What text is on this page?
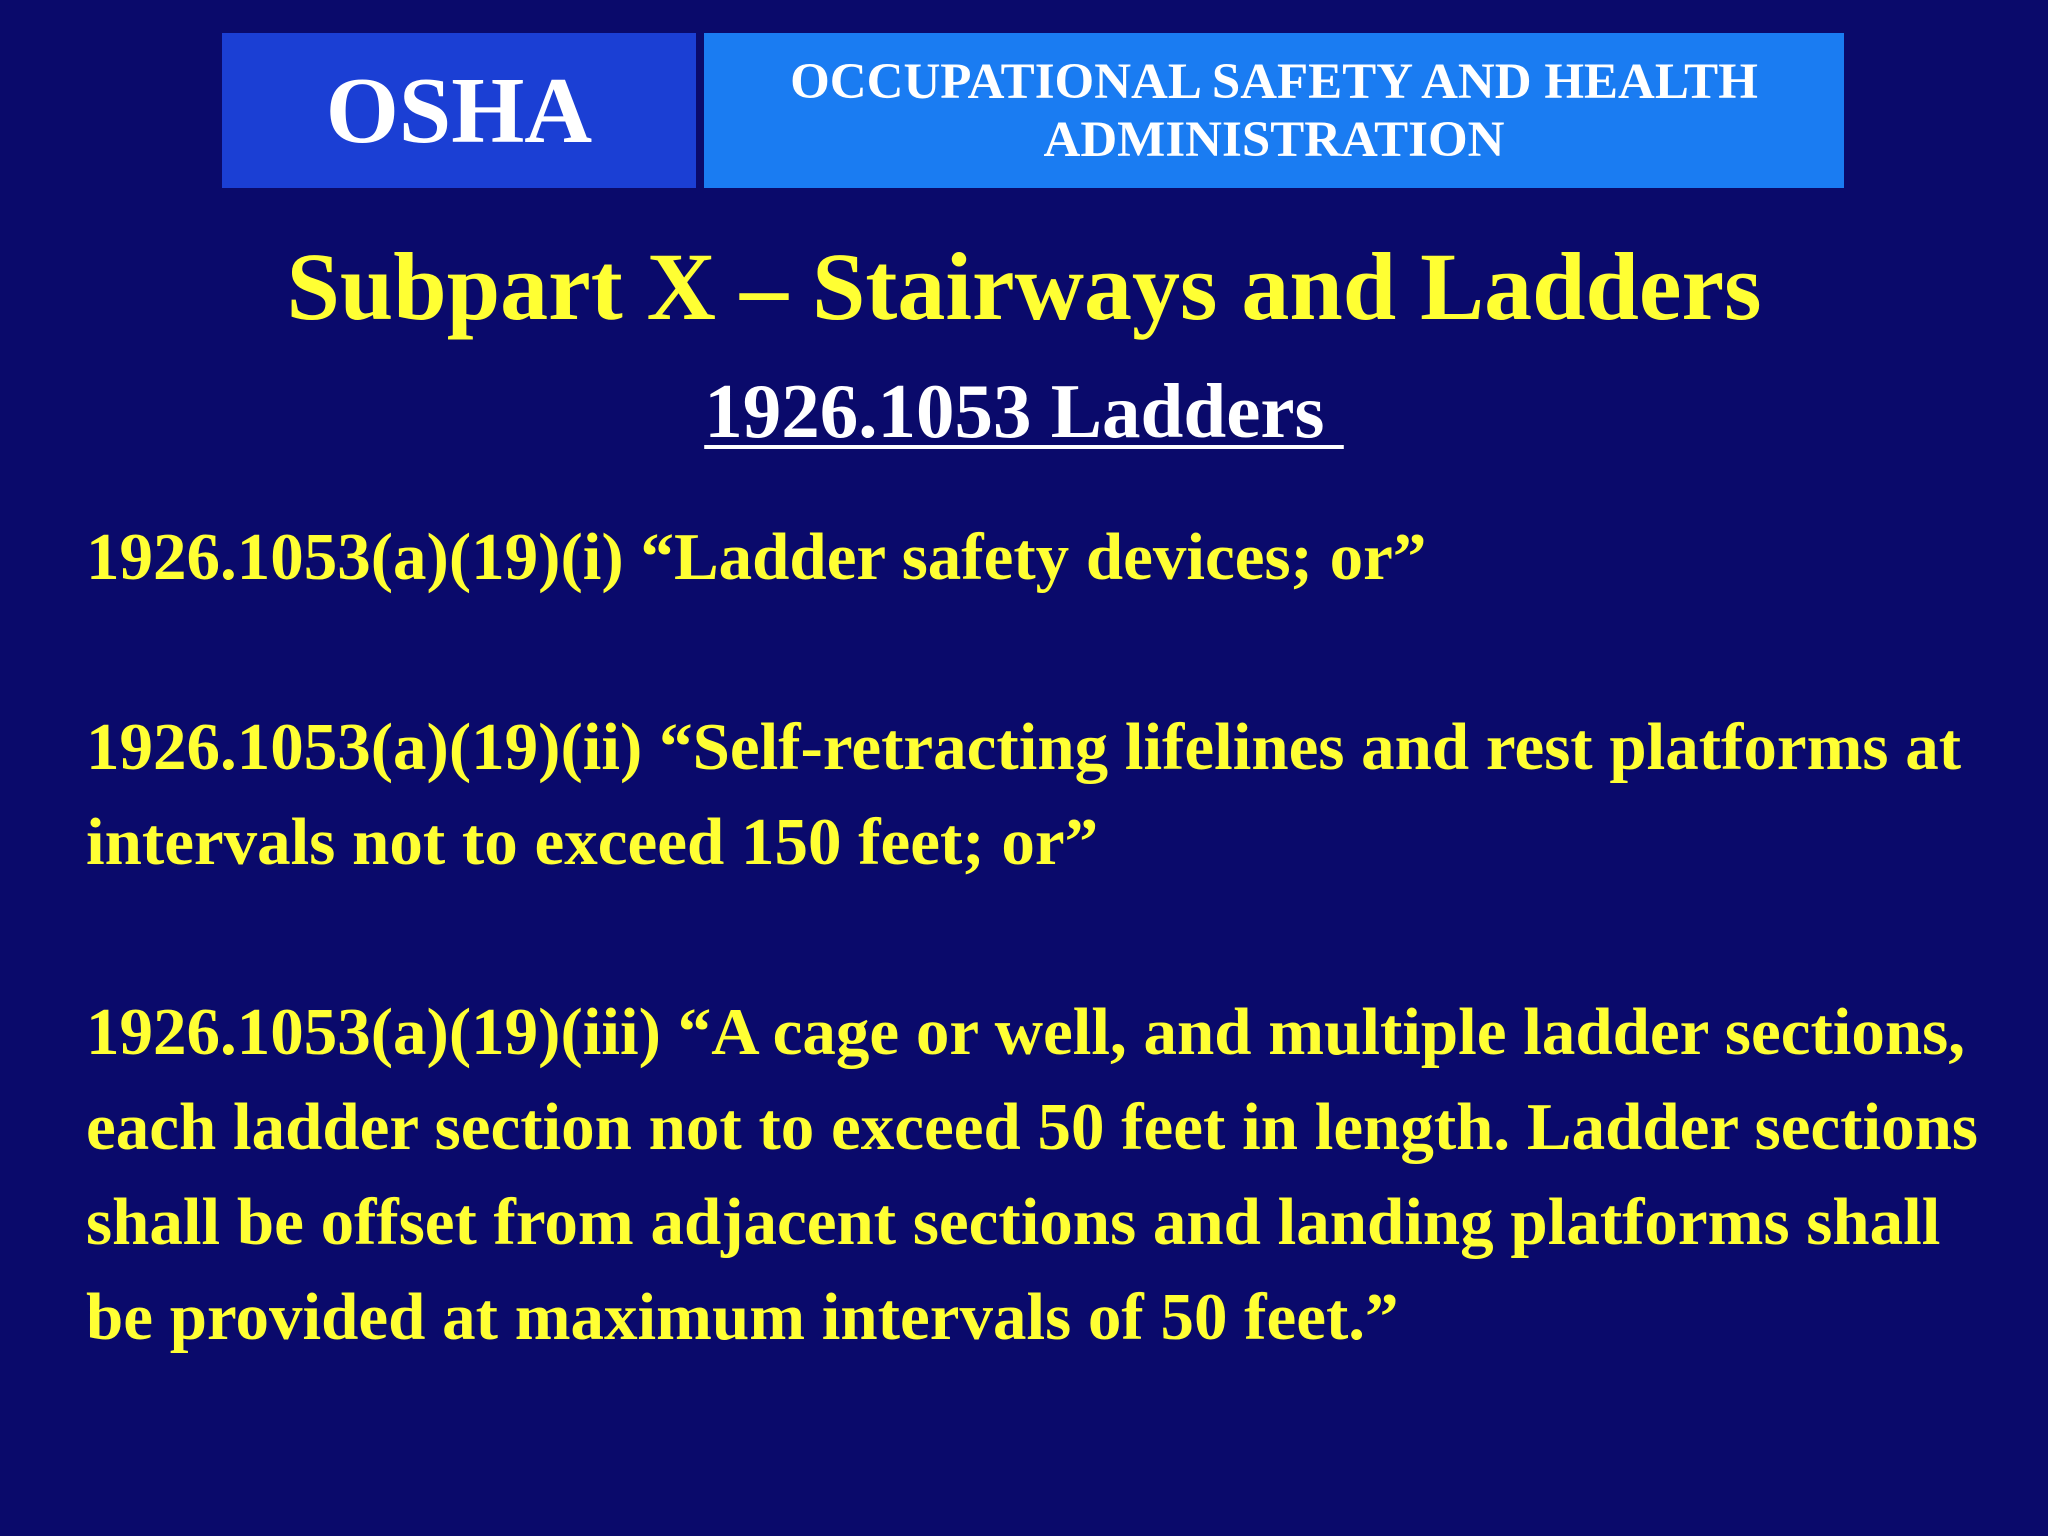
OSHA	OCCUPATIONAL SAFETY AND HEALTH ADMINISTRATION
Subpart X – Stairways and Ladders
1926.1053 Ladders

1926.1053(a)(19)(i) “Ladder safety devices; or”

1926.1053(a)(19)(ii) “Self-retracting lifelines and rest platforms at intervals not to exceed 150 feet; or”

1926.1053(a)(19)(iii) “A cage or well, and multiple ladder sections, each ladder section not to exceed 50 feet in length. Ladder sections shall be offset from adjacent sections and landing platforms shall be provided at maximum intervals of 50 feet.”
